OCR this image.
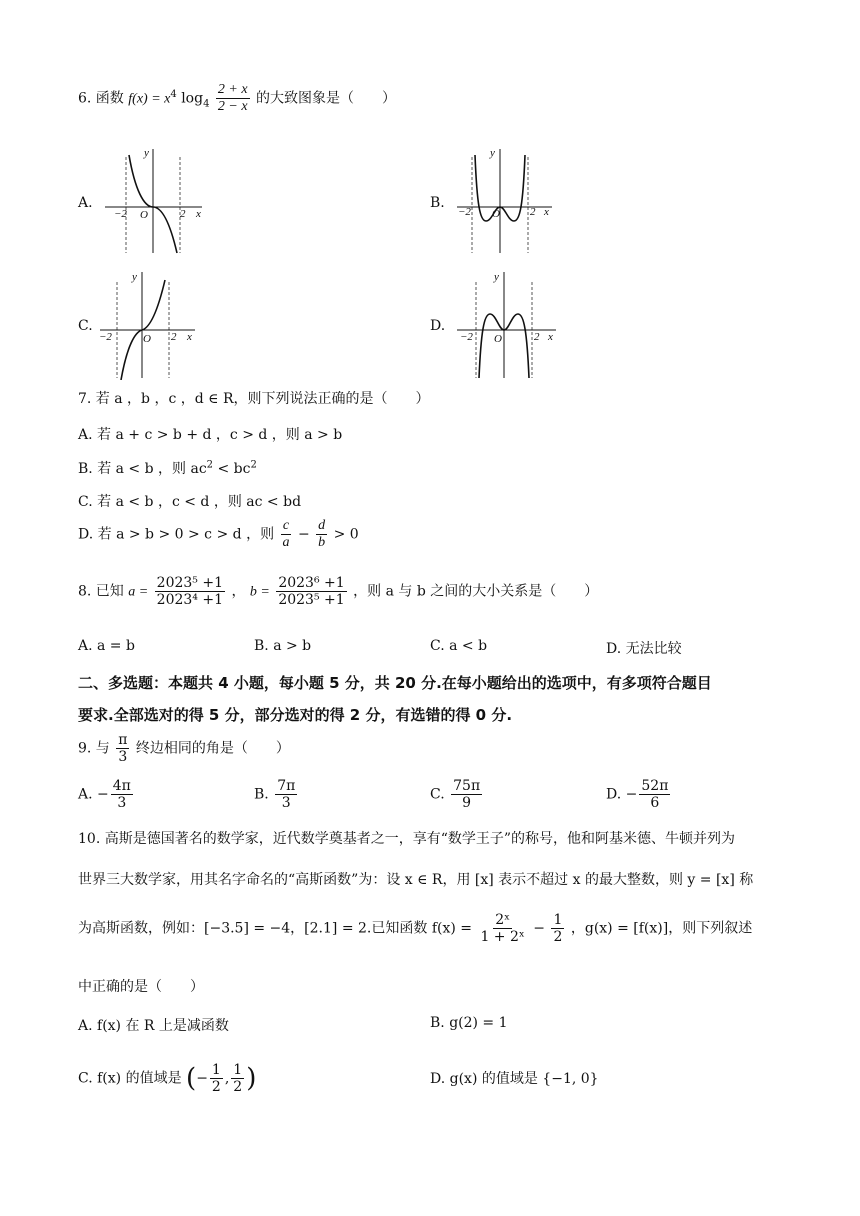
6. 函数 $f(x) = x^4$ $\log_4 \frac{2 + x}{2 - x}$ 的大致图象是（　　）
A.
y
x
O
−2	2
B.
y
x
O
−2	2
C.
y
x
O
−2	2
D.
y
x
O
−2	2
7. 若 a ，b ，c ，d ∈ R，则下列说法正确的是（　　）
A. 若 a + c > b + d ，c > d ，则 a > b
B. 若 a < b ，则 $ac^2 < bc^2$
C. 若 a < b ，c < d ，则 ac < bd
D. 若 a > b > 0 > c > d ，则 $\frac{c}{a} - \frac{d}{b} > 0$
8. 已知 $a = \frac{\text{2023⁵ +1}}{\text{2023⁴ +1}}$ ， $b = \frac{\text{2023⁶ +1}}{\text{2023⁵ +1}}$ ，则 a 与 b 之间的大小关系是（　　）
A. a = b	B. a > b	C. a < b	D. 无法比较
二、多选题：本题共 4 小题，每小题 5 分，共 20 分.在每小题给出的选项中，有多项符合题目
要求.全部选对的得 5 分，部分选对的得 2 分，有选错的得 0 分.
9. 与 $\frac{\pi}{3}$ 终边相同的角是（　　）
A. − $\frac{4\pi}{3}$	B. $\frac{7\pi}{3}$	C. $\frac{75\pi}{9}$	D. − $\frac{52\pi}{6}$
10. 高斯是德国著名的数学家，近代数学奠基者之一，享有“数学王子”的称号，他和阿基米德、牛顿并列为
世界三大数学家，用其名字命名的“高斯函数”为：设 x ∈ R，用 [x] 表示不超过 x 的最大整数，则 y = [x] 称
为高斯函数，例如：[−3.5] = −4，[2.1] = 2.已知函数 $f(x) = \frac{\text{2ˣ}}{\text{1 + 2ˣ}} - \frac{1}{2}$ ，g(x) = [f(x)]，则下列叙述
中正确的是（　　）
A. f(x) 在 R 上是减函数	B. g(2) = 1
C. f(x) 的值域是 (− $\frac{1}{2}$ , $\frac{1}{2}$ )	D. g(x) 的值域是 {−1, 0}
